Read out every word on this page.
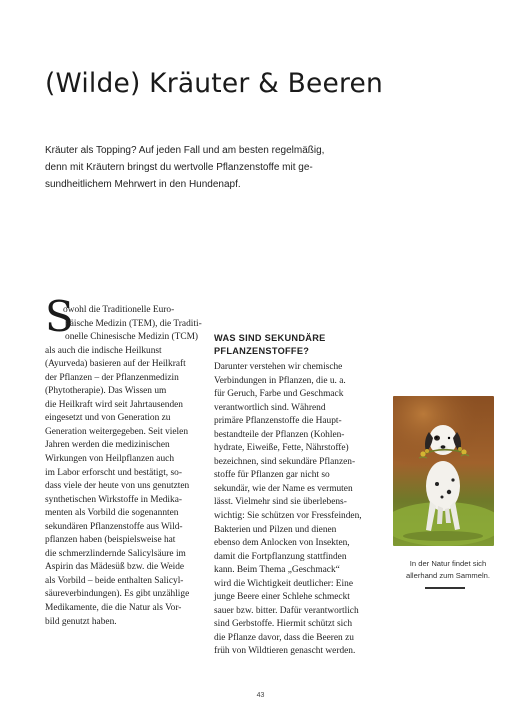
(Wilde) Kräuter & Beeren

Kräuter als Topping? Auf jeden Fall und am besten regelmäßig,
denn mit Kräutern bringst du wertvolle Pflanzenstoffe mit ge-
sundheitlichem Mehrwert in den Hundenapf.

S
owohl die Traditionelle Euro-
päische Medizin (TEM), die Traditi-
onelle Chinesische Medizin (TCM)
als auch die indische Heilkunst
(Ayurveda) basieren auf der Heilkraft
der Pflanzen – der Pflanzenmedizin
(Phytotherapie). Das Wissen um
die Heilkraft wird seit Jahrtausenden
eingesetzt und von Generation zu
Generation weitergegeben. Seit vielen
Jahren werden die medizinischen
Wirkungen von Heilpflanzen auch
im Labor erforscht und bestätigt, so-
dass viele der heute von uns genutzten
synthetischen Wirkstoffe in Medika-
menten als Vorbild die sogenannten
sekundären Pflanzenstoffe aus Wild-
pflanzen haben (beispielsweise hat
die schmerzlindernde Salicylsäure im
Aspirin das Mädesüß bzw. die Weide
als Vorbild – beide enthalten Salicyl-
säureverbindungen). Es gibt unzählige
Medikamente, die die Natur als Vor-
bild genutzt haben.
WAS SIND SEKUNDÄRE
PFLANZENSTOFFE?
Darunter verstehen wir chemische
Verbindungen in Pflanzen, die u. a.
für Geruch, Farbe und Geschmack
verantwortlich sind. Während
primäre Pflanzenstoffe die Haupt-
bestandteile der Pflanzen (Kohlen-
hydrate, Eiweiße, Fette, Nährstoffe)
bezeichnen, sind sekundäre Pflanzen-
stoffe für Pflanzen gar nicht so
sekundär, wie der Name es vermuten
lässt. Vielmehr sind sie überlebens-
wichtig: Sie schützen vor Fressfeinden,
Bakterien und Pilzen und dienen
ebenso dem Anlocken von Insekten,
damit die Fortpflanzung stattfinden
kann. Beim Thema „Geschmack“
wird die Wichtigkeit deutlicher: Eine
junge Beere einer Schlehe schmeckt
sauer bzw. bitter. Dafür verantwortlich
sind Gerbstoffe. Hiermit schützt sich
die Pflanze davor, dass die Beeren zu
früh von Wildtieren genascht werden.

In der Natur findet sich
allerhand zum Sammeln.

43
